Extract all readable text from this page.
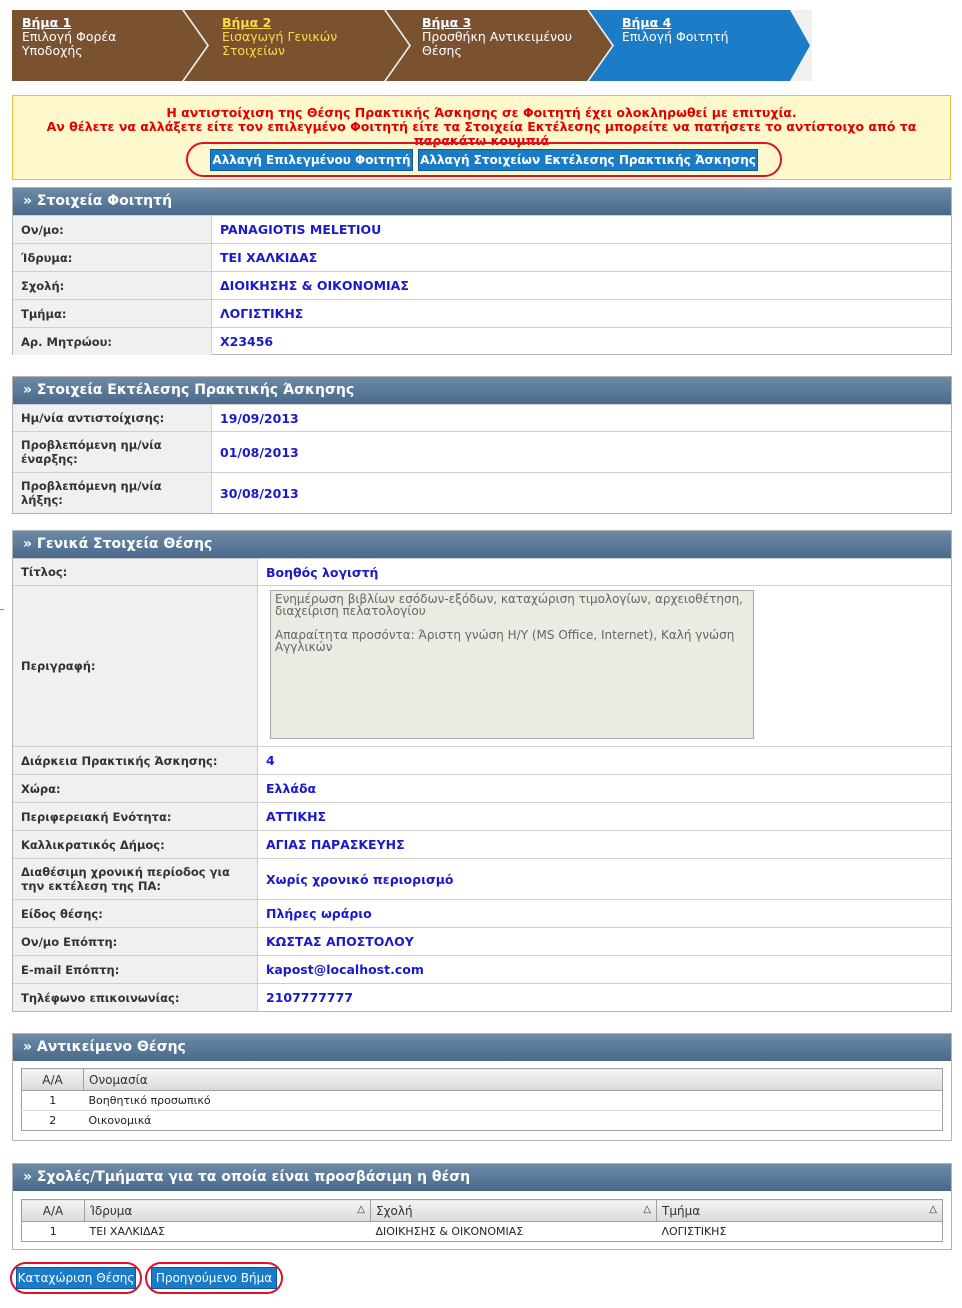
Βήμα 1
Επιλογή Φορέα Υποδοχής
Βήμα 2
Εισαγωγή Γενικών Στοιχείων
Βήμα 3
Προσθήκη Αντικειμένου Θέσης
Βήμα 4
Επιλογή Φοιτητή
Η αντιστοίχιση της Θέσης Πρακτικής Άσκησης σε Φοιτητή έχει ολοκληρωθεί με επιτυχία.
Αν θέλετε να αλλάξετε είτε τον επιλεγμένο Φοιτητή είτε τα Στοιχεία Εκτέλεσης μπορείτε να πατήσετε το αντίστοιχο από τα παρακάτω κουμπιά
Αλλαγή Επιλεγμένου Φοιτητή Αλλαγή Στοιχείων Εκτέλεσης Πρακτικής Άσκησης
» Στοιχεία Φοιτητή
Ον/μο:	PANAGIOTIS MELETIOU
Ίδρυμα:	ΤΕΙ ΧΑΛΚΙΔΑΣ
Σχολή:	ΔΙΟΙΚΗΣΗΣ & ΟΙΚΟΝΟΜΙΑΣ
Τμήμα:	ΛΟΓΙΣΤΙΚΗΣ
Αρ. Μητρώου:	X23456
» Στοιχεία Εκτέλεσης Πρακτικής Άσκησης
Ημ/νία αντιστοίχισης:	19/09/2013
Προβλεπόμενη ημ/νία έναρξης:	01/08/2013
Προβλεπόμενη ημ/νία λήξης:	30/08/2013
» Γενικά Στοιχεία Θέσης
Τίτλος:	Βοηθός λογιστή
Περιγραφή:

Ενημέρωση βιβλίων εσόδων-εξόδων, καταχώριση τιμολογίων, αρχειοθέτηση, διαχείριση πελατολογίου

Απαραίτητα προσόντα: Άριστη γνώση Η/Υ (MS Office, Internet), Καλή γνώση Αγγλικών

Διάρκεια Πρακτικής Άσκησης:	4
Χώρα:	Ελλάδα
Περιφερειακή Ενότητα:	ΑΤΤΙΚΗΣ
Καλλικρατικός Δήμος:	ΑΓΙΑΣ ΠΑΡΑΣΚΕΥΗΣ
Διαθέσιμη χρονική περίοδος για την εκτέλεση της ΠΑ:	Χωρίς χρονικό περιορισμό
Είδος θέσης:	Πλήρες ωράριο
Ον/μο Επόπτη:	ΚΩΣΤΑΣ ΑΠΟΣΤΟΛΟΥ
E-mail Επόπτη:	kapost@localhost.com
Τηλέφωνο επικοινωνίας:	2107777777
» Αντικείμενο Θέσης
Α/Α	Ονομασία
1	Βοηθητικό προσωπικό
2	Οικονομικά
» Σχολές/Τμήματα για τα οποία είναι προσβάσιμη η θέση
Α/Α	Ίδρυμα △	Σχολή △	Τμήμα △

1	ΤΕΙ ΧΑΛΚΙΔΑΣ	ΔΙΟΙΚΗΣΗΣ & ΟΙΚΟΝΟΜΙΑΣ	ΛΟΓΙΣΤΙΚΗΣ
Καταχώριση Θέσης	Προηγούμενο Βήμα
